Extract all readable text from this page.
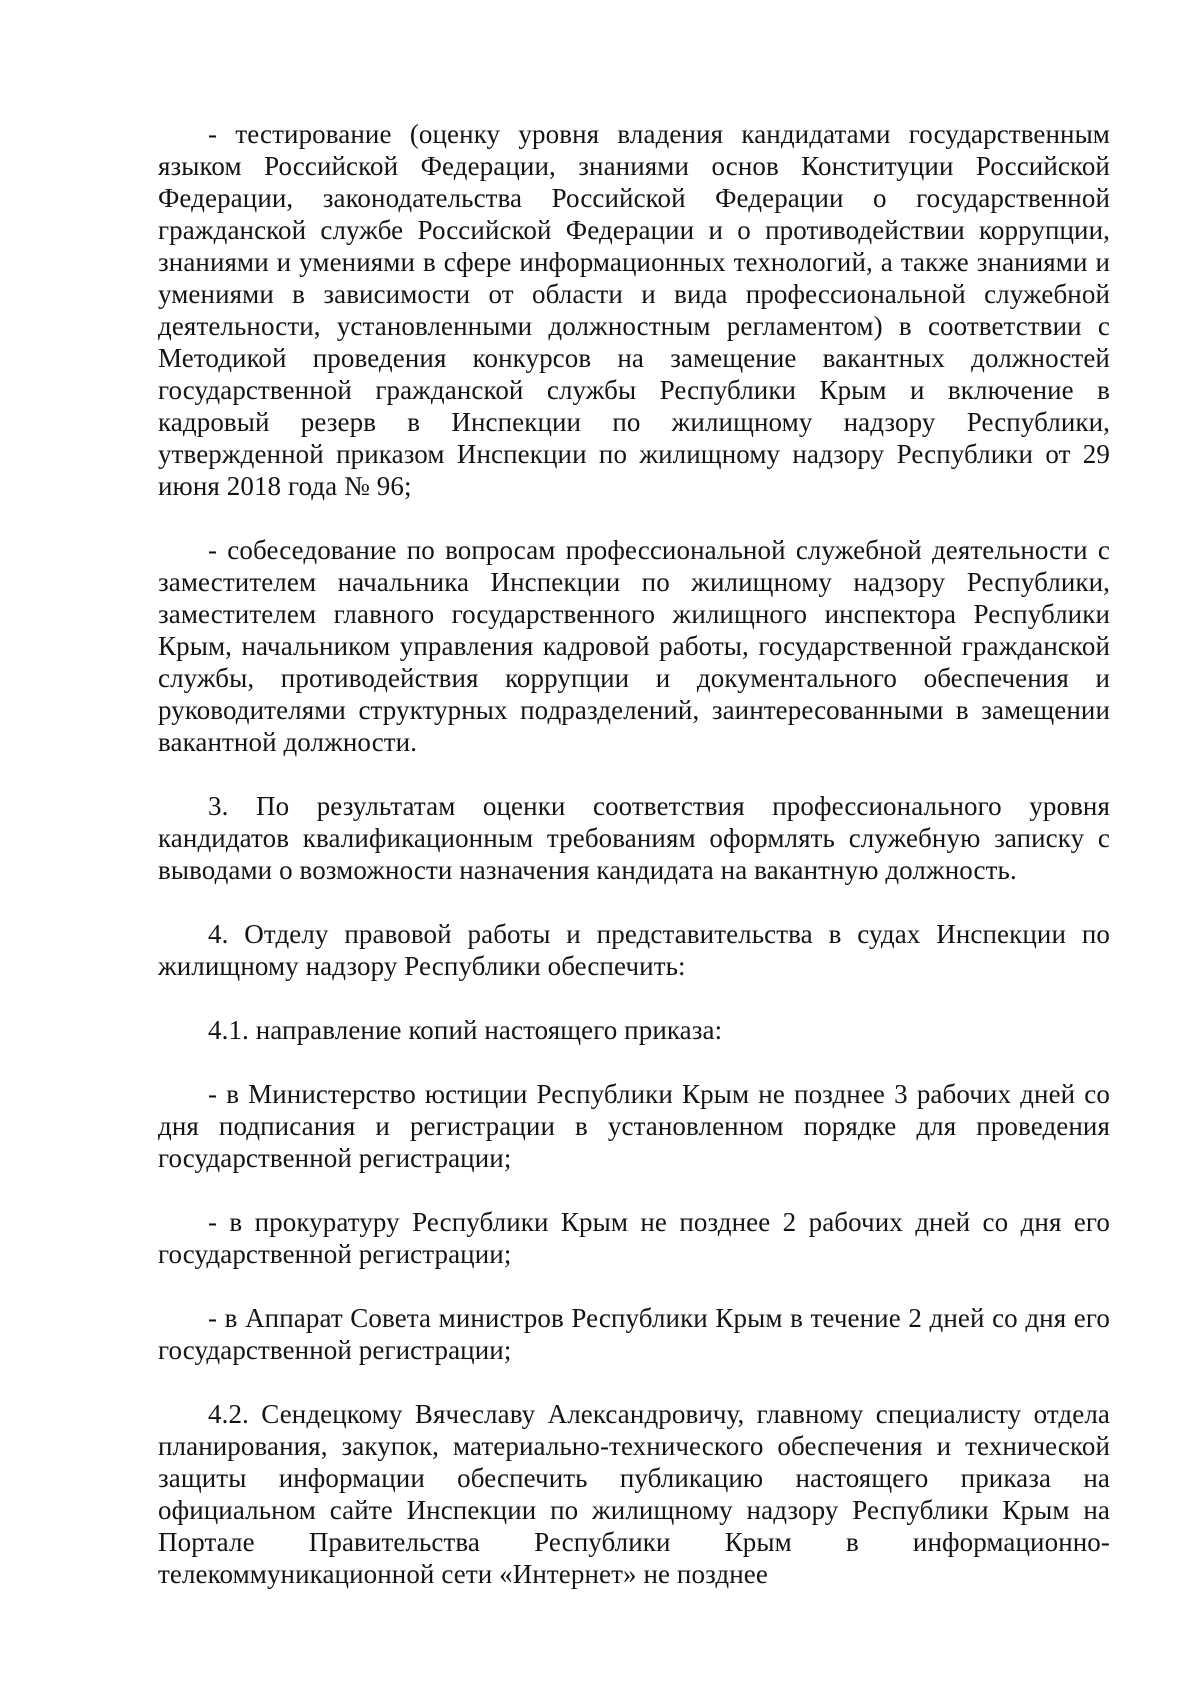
- тестирование (оценку уровня владения кандидатами государственным языком Российской Федерации, знаниями основ Конституции Российской Федерации, законодательства Российской Федерации о государственной гражданской службе Российской Федерации и о противодействии коррупции, знаниями и умениями в сфере информационных технологий, а также знаниями и умениями в зависимости от области и вида профессиональной служебной деятельности, установленными должностным регламентом) в соответствии с Методикой проведения конкурсов на замещение вакантных должностей государственной гражданской службы Республики Крым и включение в кадровый резерв в Инспекции по жилищному надзору Республики, утвержденной приказом Инспекции по жилищному надзору Республики от 29 июня 2018 года № 96;

- собеседование по вопросам профессиональной служебной деятельности с заместителем начальника Инспекции по жилищному надзору Республики, заместителем главного государственного жилищного инспектора Республики Крым, начальником управления кадровой работы, государственной гражданской службы, противодействия коррупции и документального обеспечения и руководителями структурных подразделений, заинтересованными в замещении вакантной должности.

3. По результатам оценки соответствия профессионального уровня кандидатов квалификационным требованиям оформлять служебную записку с выводами о возможности назначения кандидата на вакантную должность.

4. Отделу правовой работы и представительства в судах Инспекции по жилищному надзору Республики обеспечить:

4.1. направление копий настоящего приказа:

- в Министерство юстиции Республики Крым не позднее 3 рабочих дней со дня подписания и регистрации в установленном порядке для проведения государственной регистрации;

- в прокуратуру Республики Крым не позднее 2 рабочих дней со дня его государственной регистрации;

- в Аппарат Совета министров Республики Крым в течение 2 дней со дня его государственной регистрации;

4.2. Сендецкому Вячеславу Александровичу, главному специалисту отдела планирования, закупок, материально-технического обеспечения и технической защиты информации обеспечить публикацию настоящего приказа на официальном сайте Инспекции по жилищному надзору Республики Крым на Портале Правительства Республики Крым в информационно-телекоммуникационной сети «Интернет» не позднее
